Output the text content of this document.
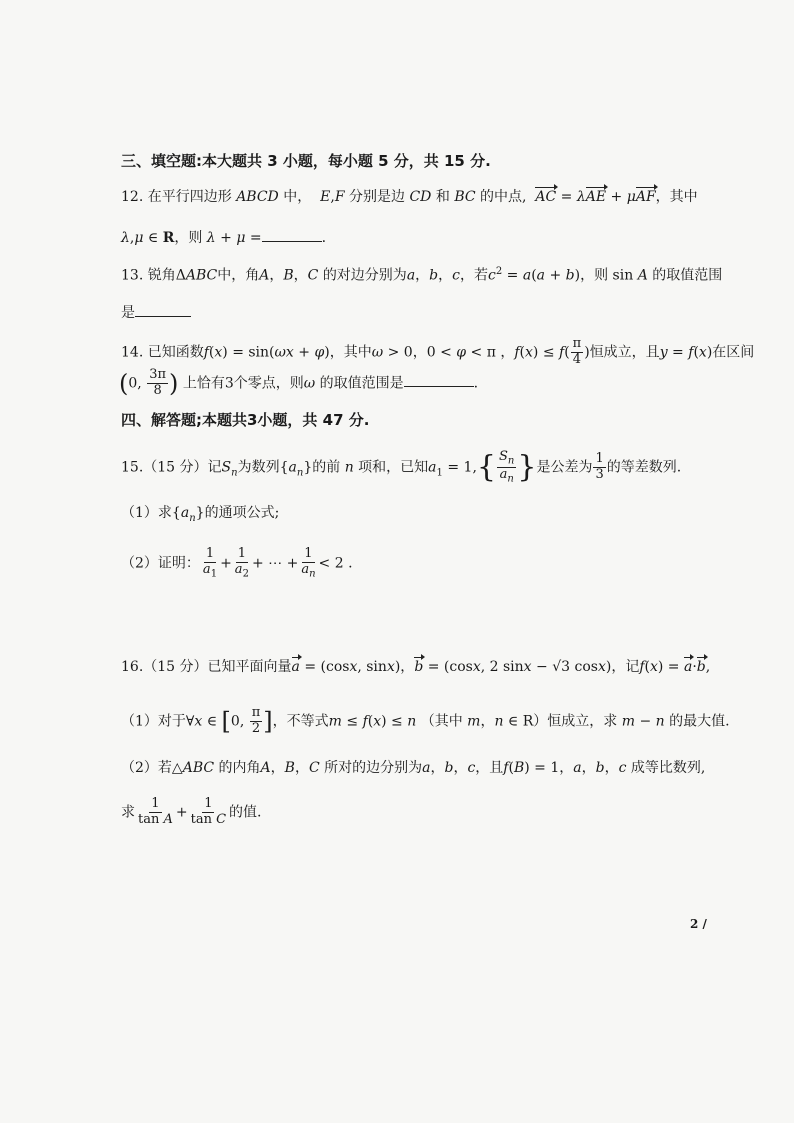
三、填空题:本大题共 3 小题，每小题 5 分，共 15 分.
12. 在平行四边形 ABCD 中， E,F 分别是边 CD 和 BC 的中点, AC = λAE + μAF，其中
λ,μ ∈ R，则 λ + μ =	.
13. 锐角ΔABC中，角A，B，C 的对边分别为a，b，c，若$c^2 = a(a + b)$，则 sin A 的取值范围
是
14. 已知函数f(x) = sin(ωx + φ)，其中ω > 0，0 < φ < π ，$f(x) \le f( \frac{\pi}{4}$ )恒成立，且y = f(x)在区间
(0, $\frac{3\pi}{8}$ ) 上恰有3个零点，则ω 的取值范围是	.
四、解答题;本题共3小题，共 47 分.
15.（15 分）记$S_n$为数列$\{a_n\}$的前 n 项和，已知$a_1 = 1,\{ \frac{S_n}{a_n}$ }是公差为 $\frac{1}{3}$ 的等差数列.
（1）求$\{a_n\}$的通项公式;
（2）证明： $\frac{1}{a_1} + \frac{1}{a_2}$ + ⋯ + $\frac{1}{a_n} < 2$ .
16.（15 分）已知平面向量a = (cosx, sinx)，b = (cosx, 2 sinx − √3 cosx)，记f(x) = a·b,
（1）对于∀x ∈ [0, $\frac{\pi}{2}$ ]，不等式m ≤ f(x) ≤ n （其中 m，n ∈ R）恒成立，求 m − n 的最大值.
（2）若△ABC 的内角A，B，C 所对的边分别为a，b，c，且f(B) = 1，a，b，c 成等比数列,
求 $\frac{1}{\text{tan A}} + \frac{1}{\text{tan C}}$ 的值.
2 /
